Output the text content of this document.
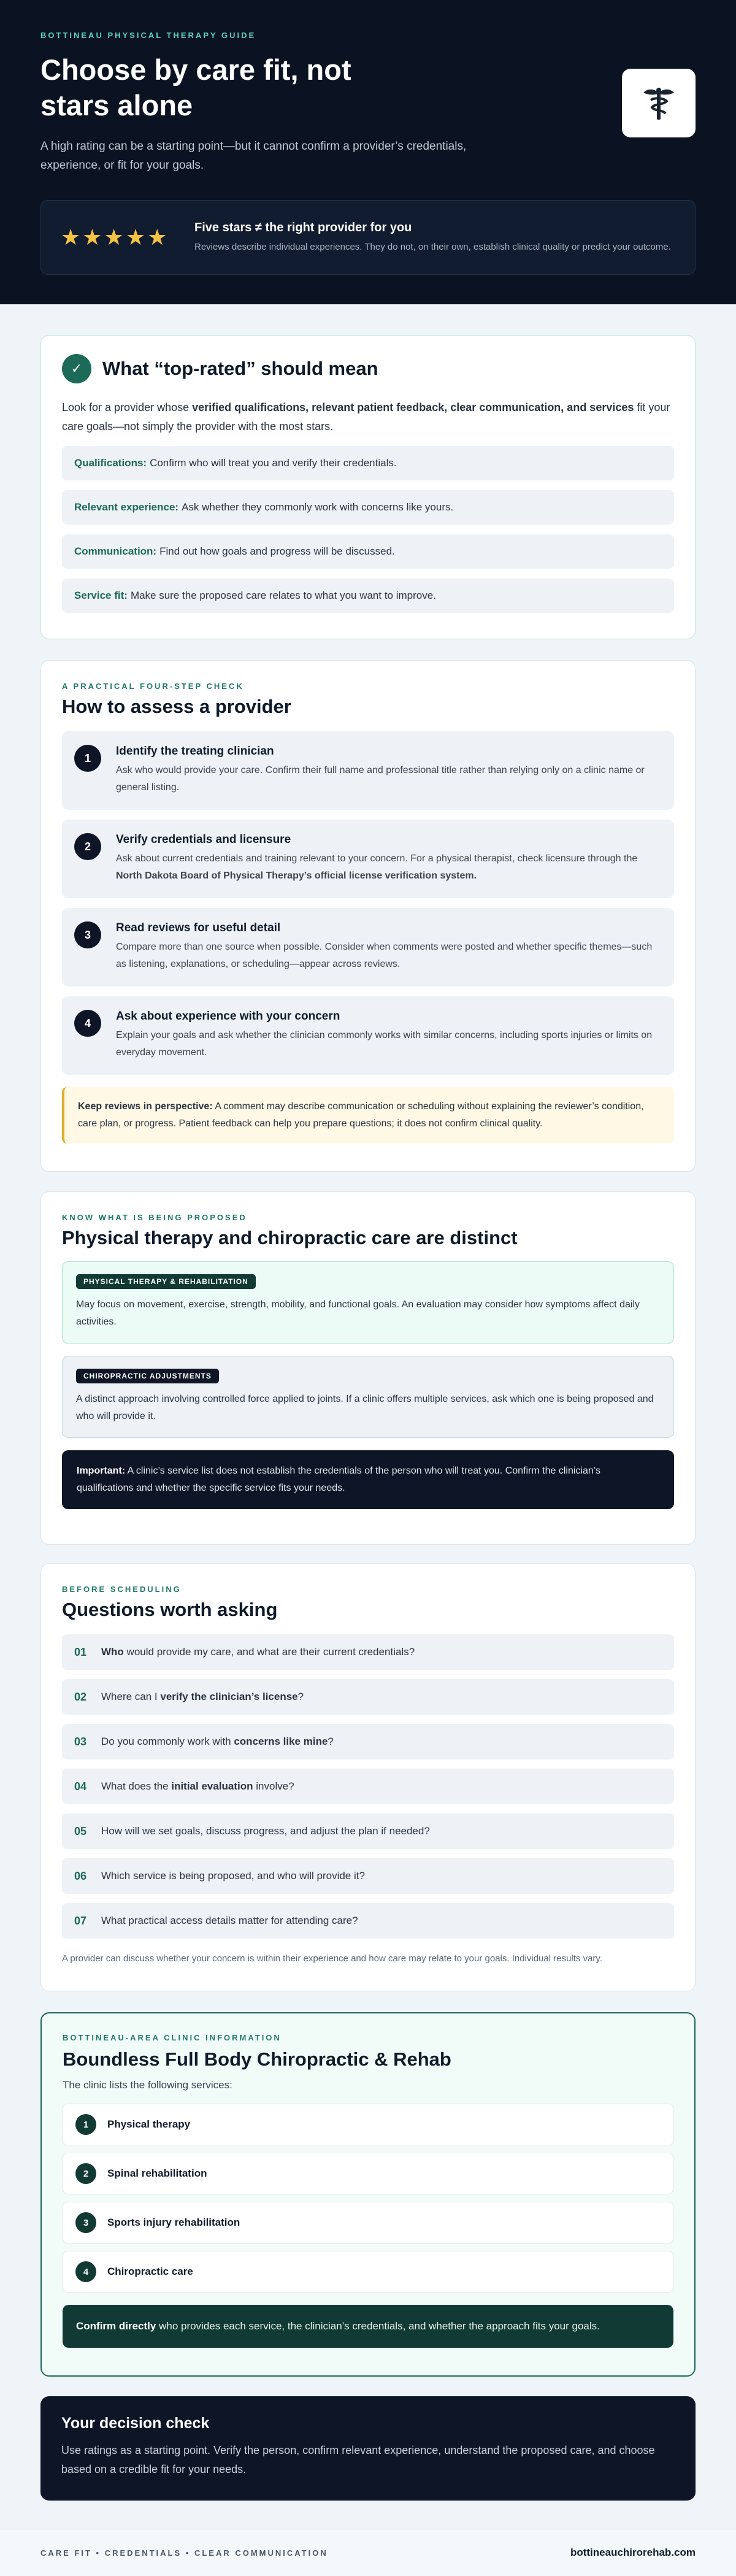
BOTTINEAU PHYSICAL THERAPY GUIDE
Choose by care fit, not stars alone

A high rating can be a starting point—but it cannot confirm a provider’s credentials, experience, or fit for your goals.

★★★★★	Five stars ≠ the right provider for you
Reviews describe individual experiences. They do not, on their own, establish clinical quality or predict your outcome.
✓	What “top-rated” should mean

Look for a provider whose verified qualifications, relevant patient feedback, clear communication, and services fit your care goals—not simply the provider with the most stars.

Qualifications: Confirm who will treat you and verify their credentials.
Relevant experience: Ask whether they commonly work with concerns like yours.
Communication: Find out how goals and progress will be discussed.
Service fit: Make sure the proposed care relates to what you want to improve.
A PRACTICAL FOUR-STEP CHECK
How to assess a provider
1
Identify the treating clinician
Ask who would provide your care. Confirm their full name and professional title rather than relying only on a clinic name or general listing.
2
Verify credentials and licensure
Ask about current credentials and training relevant to your concern. For a physical therapist, check licensure through the North Dakota Board of Physical Therapy’s official license verification system.
3
Read reviews for useful detail
Compare more than one source when possible. Consider when comments were posted and whether specific themes—such as listening, explanations, or scheduling—appear across reviews.
4
Ask about experience with your concern
Explain your goals and ask whether the clinician commonly works with similar concerns, including sports injuries or limits on everyday movement.
Keep reviews in perspective: A comment may describe communication or scheduling without explaining the reviewer’s condition, care plan, or progress. Patient feedback can help you prepare questions; it does not confirm clinical quality.
KNOW WHAT IS BEING PROPOSED
Physical therapy and chiropractic care are distinct
PHYSICAL THERAPY & REHABILITATION
May focus on movement, exercise, strength, mobility, and functional goals. An evaluation may consider how symptoms affect daily activities.
CHIROPRACTIC ADJUSTMENTS
A distinct approach involving controlled force applied to joints. If a clinic offers multiple services, ask which one is being proposed and who will provide it.
Important: A clinic’s service list does not establish the credentials of the person who will treat you. Confirm the clinician’s qualifications and whether the specific service fits your needs.
BEFORE SCHEDULING
Questions worth asking
01	Who would provide my care, and what are their current credentials?
02	Where can I verify the clinician’s license?
03	Do you commonly work with concerns like mine?
04	What does the initial evaluation involve?
05	How will we set goals, discuss progress, and adjust the plan if needed?
06	Which service is being proposed, and who will provide it?
07	What practical access details matter for attending care?

A provider can discuss whether your concern is within their experience and how care may relate to your goals. Individual results vary.

BOTTINEAU-AREA CLINIC INFORMATION
Boundless Full Body Chiropractic & Rehab

The clinic lists the following services:

1	Physical therapy
2	Spinal rehabilitation
3	Sports injury rehabilitation
4	Chiropractic care
Confirm directly who provides each service, the clinician’s credentials, and whether the approach fits your goals.
Your decision check

Use ratings as a starting point. Verify the person, confirm relevant experience, understand the proposed care, and choose based on a credible fit for your needs.

CARE FIT • CREDENTIALS • CLEAR COMMUNICATION	bottineauchirorehab.com
